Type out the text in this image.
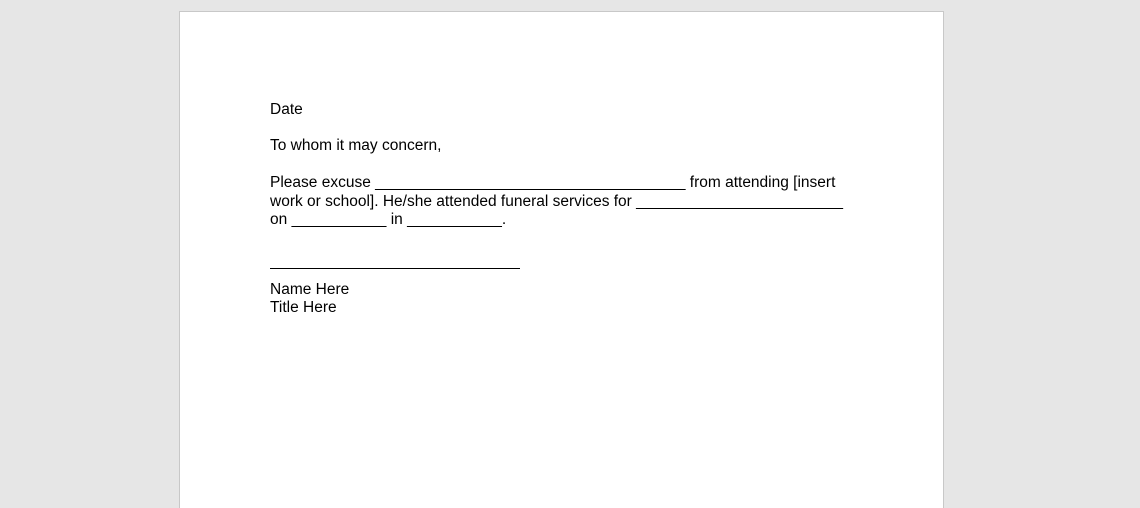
Date

To whom it may concern,

Please excuse ____________________________________ from attending [insert work or school]. He/she attended funeral services for ________________________ on ___________ in ___________.

Name Here

Title Here
